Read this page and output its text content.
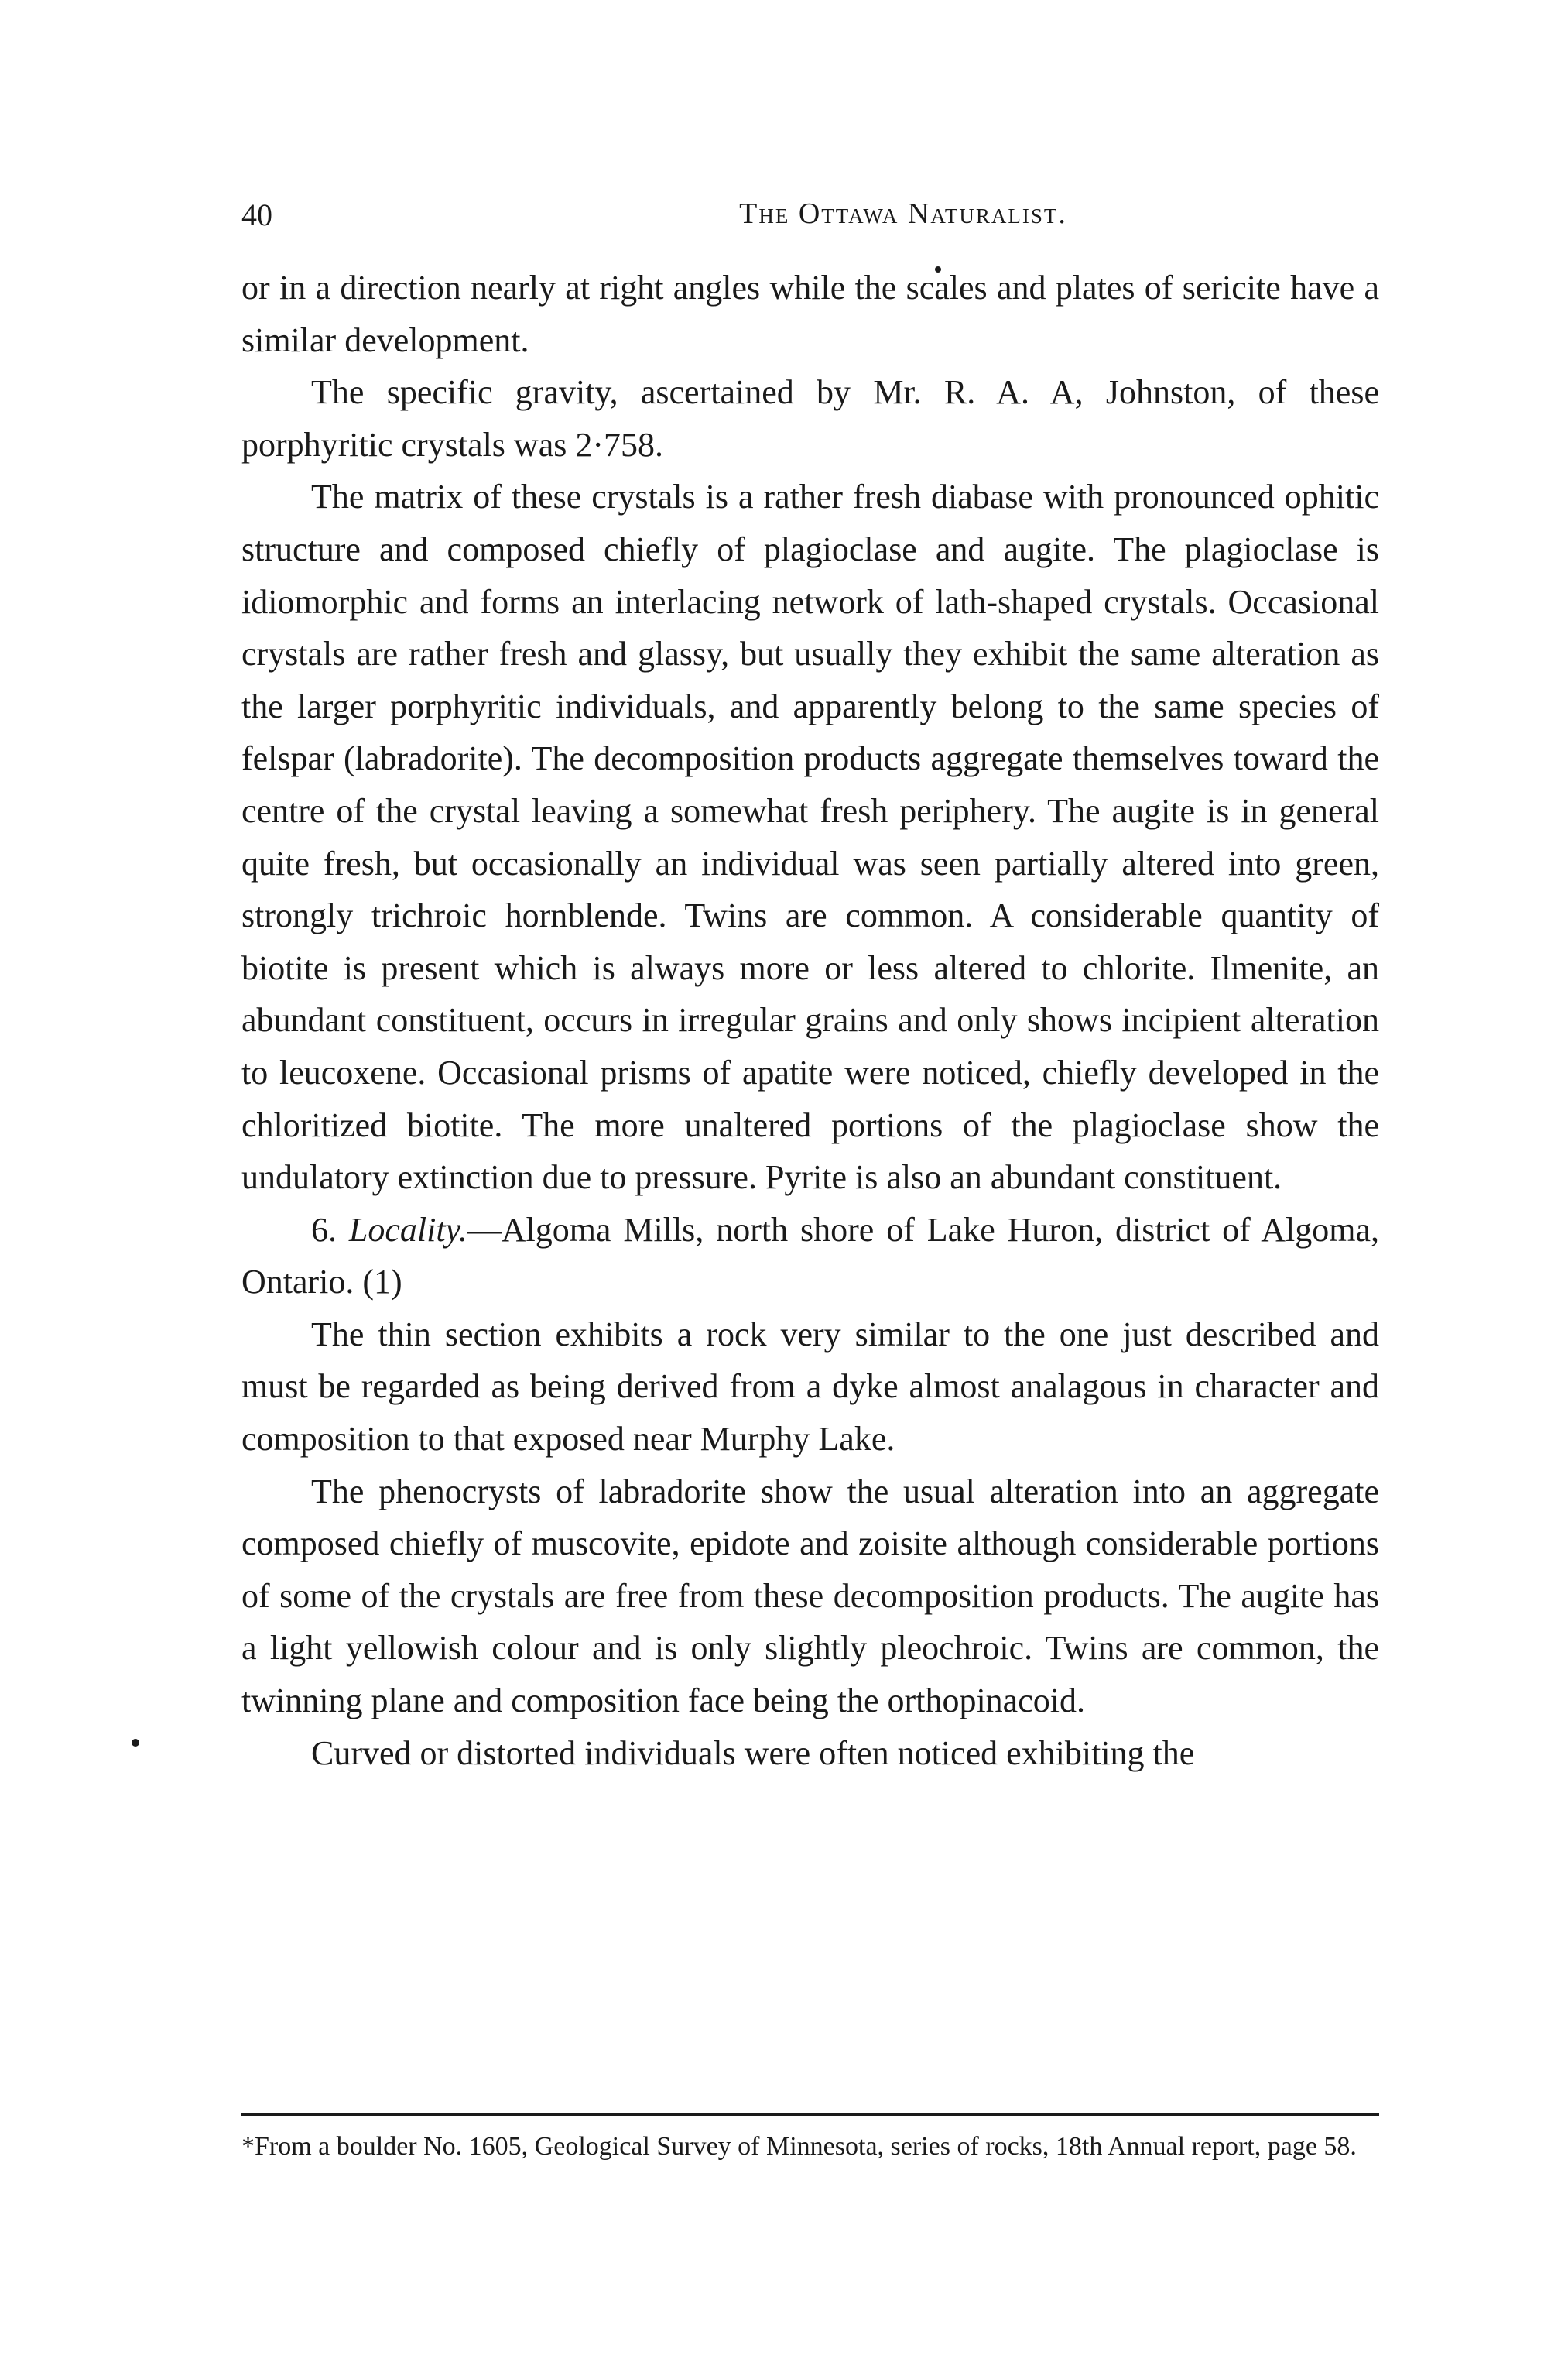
40	The Ottawa Naturalist.

or in a direction nearly at right angles while the scales and plates of sericite have a similar development.

The specific gravity, ascertained by Mr. R. A. A, Johnston, of these porphyritic crystals was 2·758.

The matrix of these crystals is a rather fresh diabase with pronounced ophitic structure and composed chiefly of plagioclase and augite. The plagioclase is idiomorphic and forms an interlacing network of lath-shaped crystals. Occasional crystals are rather fresh and glassy, but usually they exhibit the same alteration as the larger porphyritic individuals, and apparently belong to the same species of felspar (labradorite). The decomposition products aggregate themselves toward the centre of the crystal leaving a somewhat fresh periphery. The augite is in general quite fresh, but occasionally an individual was seen partially altered into green, strongly trichroic hornblende. Twins are common. A considerable quantity of biotite is present which is always more or less altered to chlorite. Ilmenite, an abundant constituent, occurs in irregular grains and only shows incipient alteration to leucoxene. Occasional prisms of apatite were noticed, chiefly developed in the chloritized biotite. The more unaltered portions of the plagioclase show the undulatory extinction due to pressure. Pyrite is also an abundant constituent.

6. Locality.—Algoma Mills, north shore of Lake Huron, district of Algoma, Ontario. (1)

The thin section exhibits a rock very similar to the one just described and must be regarded as being derived from a dyke almost analagous in character and composition to that exposed near Murphy Lake.

The phenocrysts of labradorite show the usual alteration into an aggregate composed chiefly of muscovite, epidote and zoisite although considerable portions of some of the crystals are free from these decomposition products. The augite has a light yellowish colour and is only slightly pleochroic. Twins are common, the twinning plane and composition face being the orthopinacoid.

Curved or distorted individuals were often noticed exhibiting the

*From a boulder No. 1605, Geological Survey of Minnesota, series of rocks, 18th Annual report, page 58.
